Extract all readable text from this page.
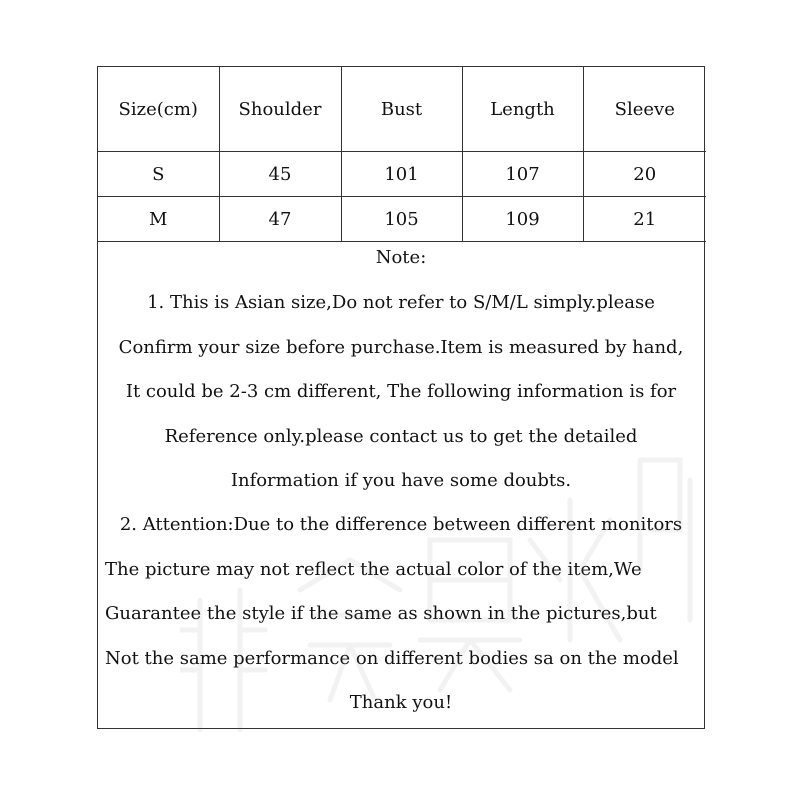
Size(cm)	Shoulder	Bust	Length	Sleeve
S	45	101	107	20
M	47	105	109	21
Note:
1. This is Asian size,Do not refer to S/M/L simply.please
Confirm your size before purchase.Item is measured by hand,
It could be 2-3 cm different, The following information is for
Reference only.please contact us to get the detailed
Information if you have some doubts.
2. Attention:Due to the difference between different monitors
The picture may not reflect the actual color of the item,We
Guarantee the style if the same as shown in the pictures,but
Not the same performance on different bodies sa on the model
Thank you!
